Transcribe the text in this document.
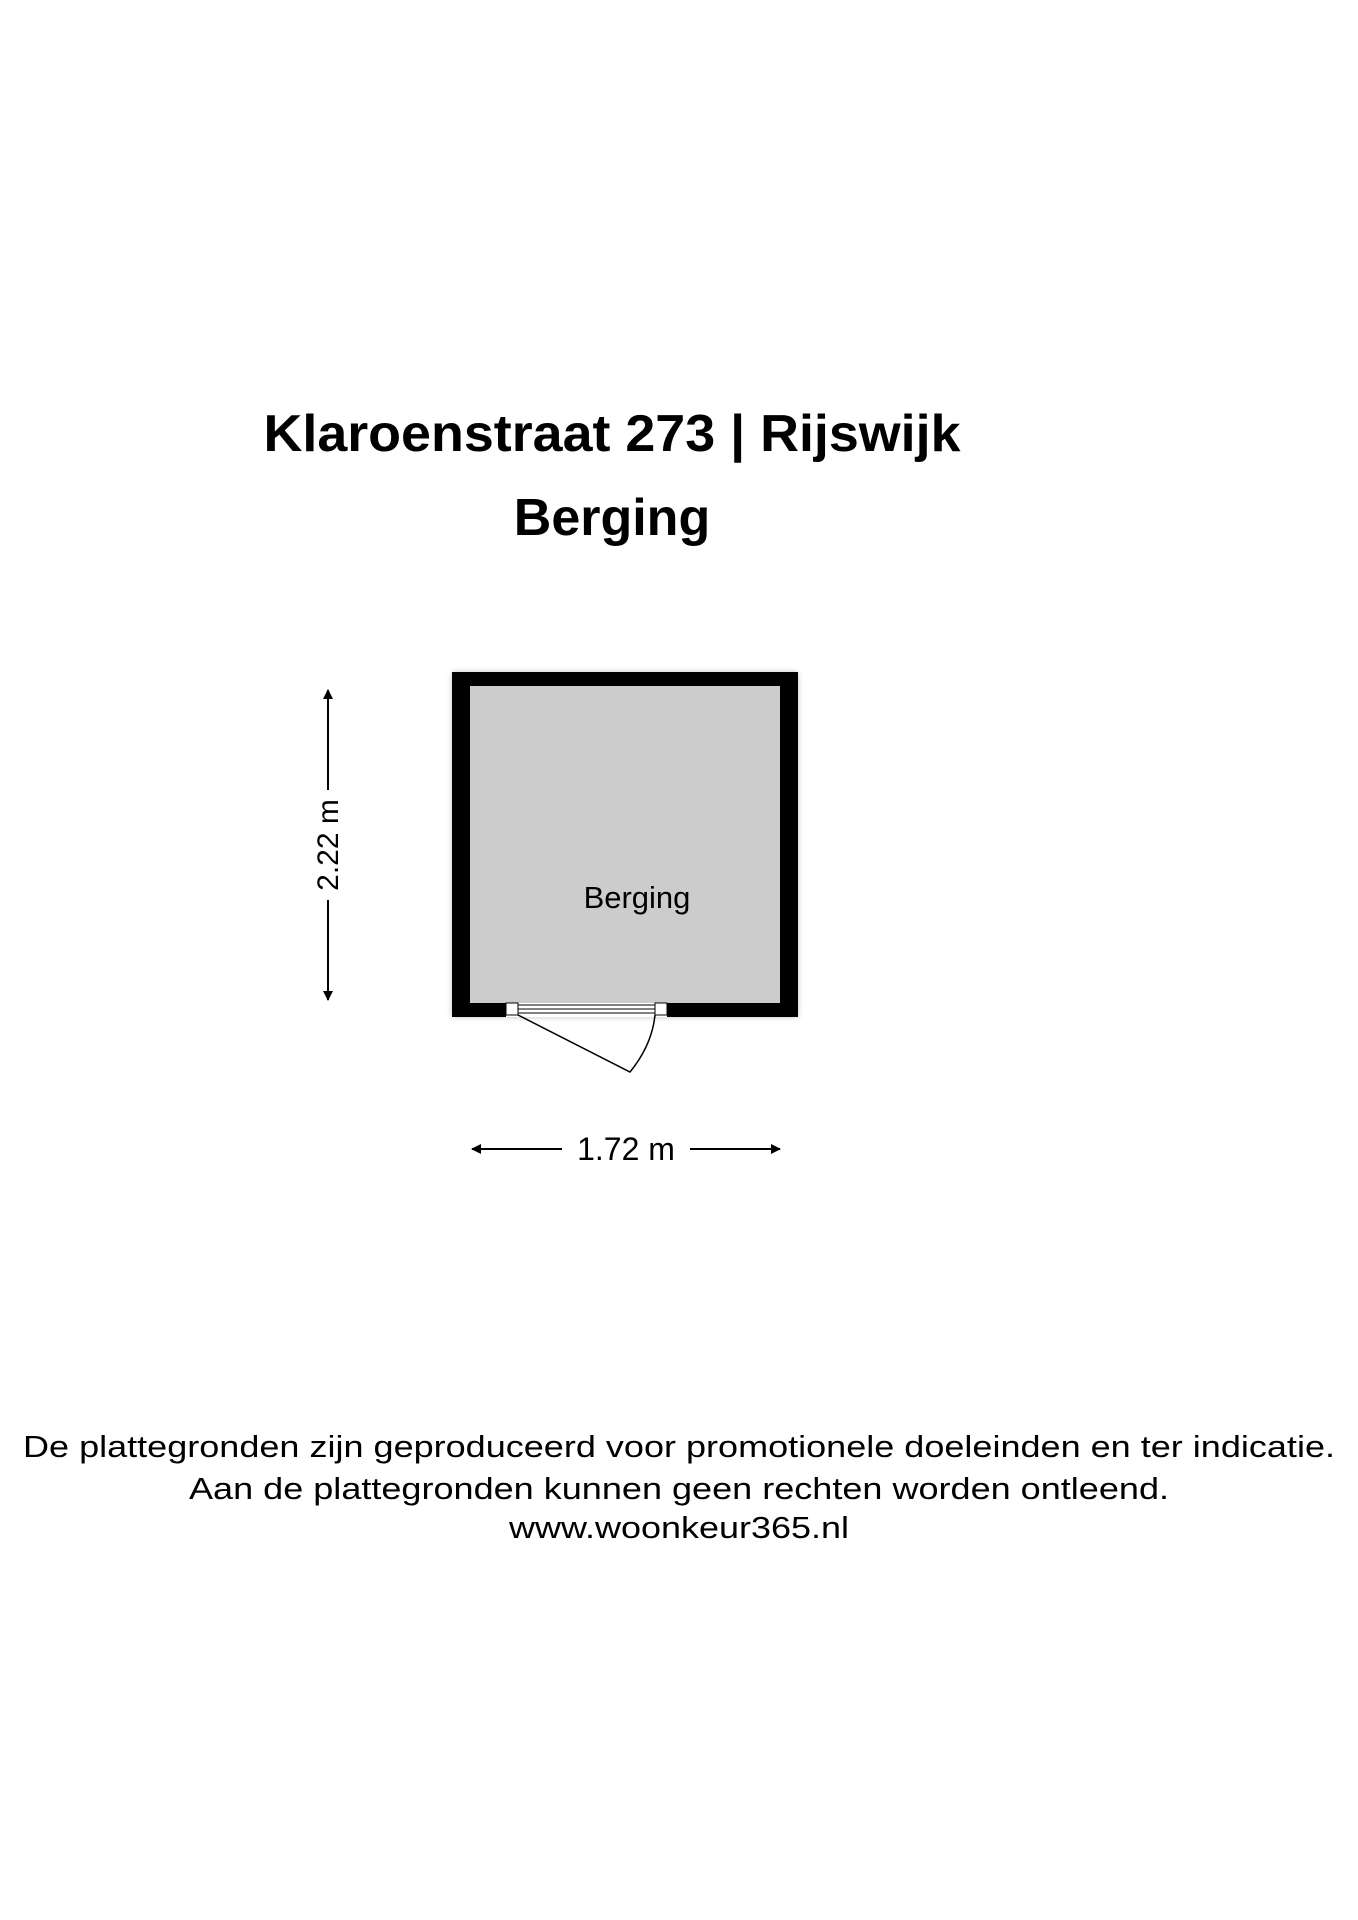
Klaroenstraat 273 | Rijswijk
Berging
Berging
2.22 m
1.72 m
De plattegronden zijn geproduceerd voor promotionele doeleinden en ter indicatie.
Aan de plattegronden kunnen geen rechten worden ontleend.
www.woonkeur365.nl
